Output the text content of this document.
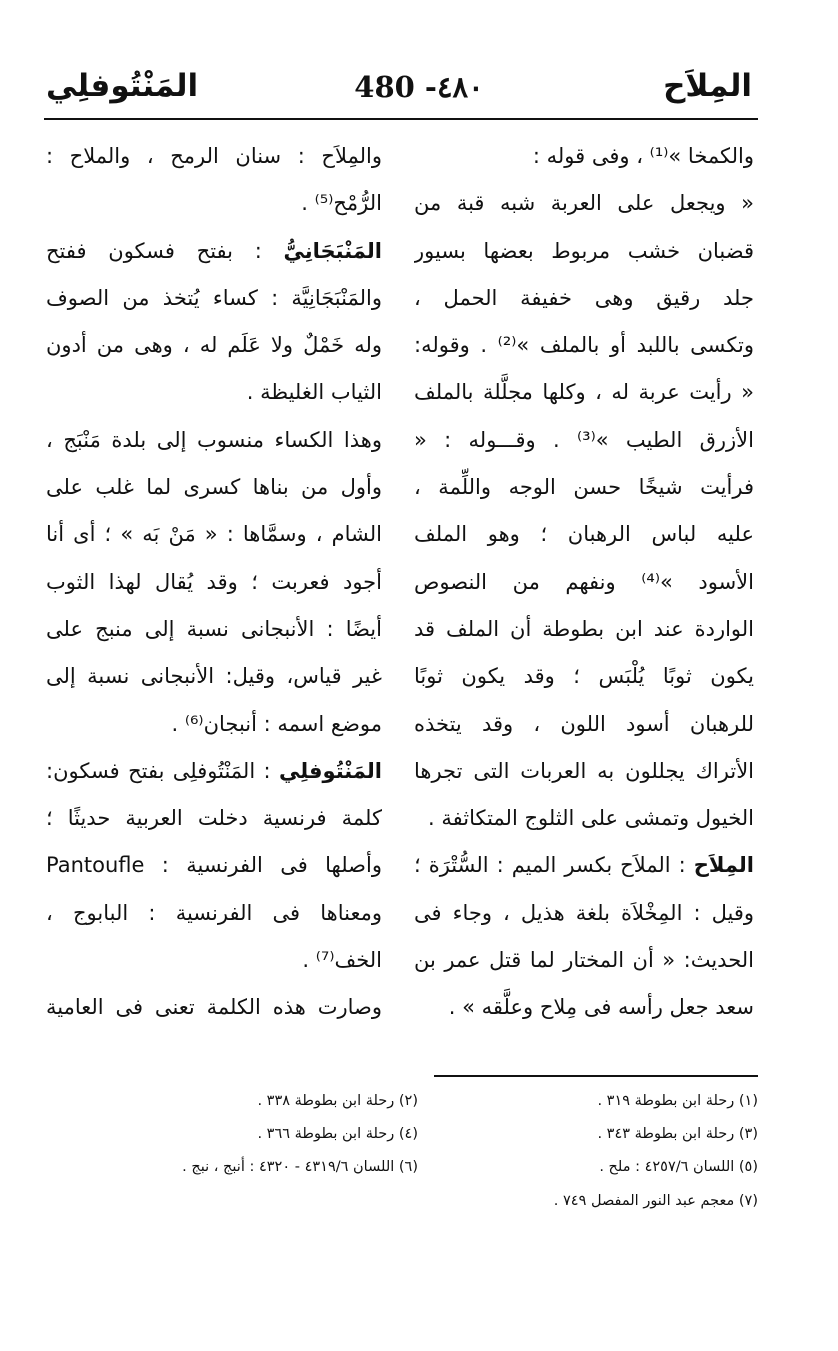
المِلاَح
480 -٤٨٠
المَنْتُوفلِي
والكمخا »⁽¹⁾ ، وفى قوله :
« ويجعل على العربة شبه قبة من
قضبان خشب مربوط بعضها بسيور
جلد رقيق وهى خفيفة الحمل ،
وتكسى باللبد أو بالملف »⁽²⁾ . وقوله:
« رأيت عربة له ، وكلها مجلَّلة بالملف
الأزرق الطيب »⁽³⁾ . وقـــوله : «
فرأيت شيخًا حسن الوجه واللِّمة ،
عليه لباس الرهبان ؛ وهو الملف
الأسود »⁽⁴⁾ ونفهم من النصوص
الواردة عند ابن بطوطة أن الملف قد
يكون ثوبًا يُلْبَس ؛ وقد يكون ثوبًا
للرهبان أسود اللون ، وقد يتخذه
الأتراك يجللون به العربات التى تجرها
الخيول وتمشى على الثلوج المتكاثفة .
المِلاَح : الملاَح بكسر الميم : السُّتْرَة ؛
وقيل : المِخْلاَة بلغة هذيل ، وجاء فى
الحديث: « أن المختار لما قتل عمر بن
سعد جعل رأسه فى مِلاح وعلَّقه » .
والمِلاَح : سنان الرمح ، والملاح :
الرُّمْح⁽⁵⁾ .
المَنْبَجَانِيُّ : بفتح فسكون ففتح
والمَنْبَجَانِيَّة : كساء يُتخذ من الصوف
وله خَمْلٌ ولا عَلَم له ، وهى من أدون
الثياب الغليظة .
وهذا الكساء منسوب إلى بلدة مَنْبَج ،
وأول من بناها كسرى لما غلب على
الشام ، وسمَّاها : « مَنْ بَه » ؛ أى أنا
أجود فعربت ؛ وقد يُقال لهذا الثوب
أيضًا : الأنبجانى نسبة إلى منبج على
غير قياس، وقيل: الأنبجانى نسبة إلى
موضع اسمه : أنبجان⁽⁶⁾ .
المَنْتُوفلِي : المَنْتُوفلِى بفتح فسكون:
كلمة فرنسية دخلت العربية حديثًا ؛
وأصلها فى الفرنسية : Pantoufle
ومعناها فى الفرنسية : البابوج ،
الخف⁽⁷⁾ .
وصارت هذه الكلمة تعنى فى العامية
(١) رحلة ابن بطوطة ٣١٩ .
(٢) رحلة ابن بطوطة ٣٣٨ .
(٣) رحلة ابن بطوطة ٣٤٣ .
(٤) رحلة ابن بطوطة ٣٦٦ .
(٥) اللسان ٤٢٥٧/٦ : ملح .
(٦) اللسان ٤٣١٩/٦ - ٤٣٢٠ : أنبج ، نبج .
(٧) معجم عبد النور المفصل ٧٤٩ .
